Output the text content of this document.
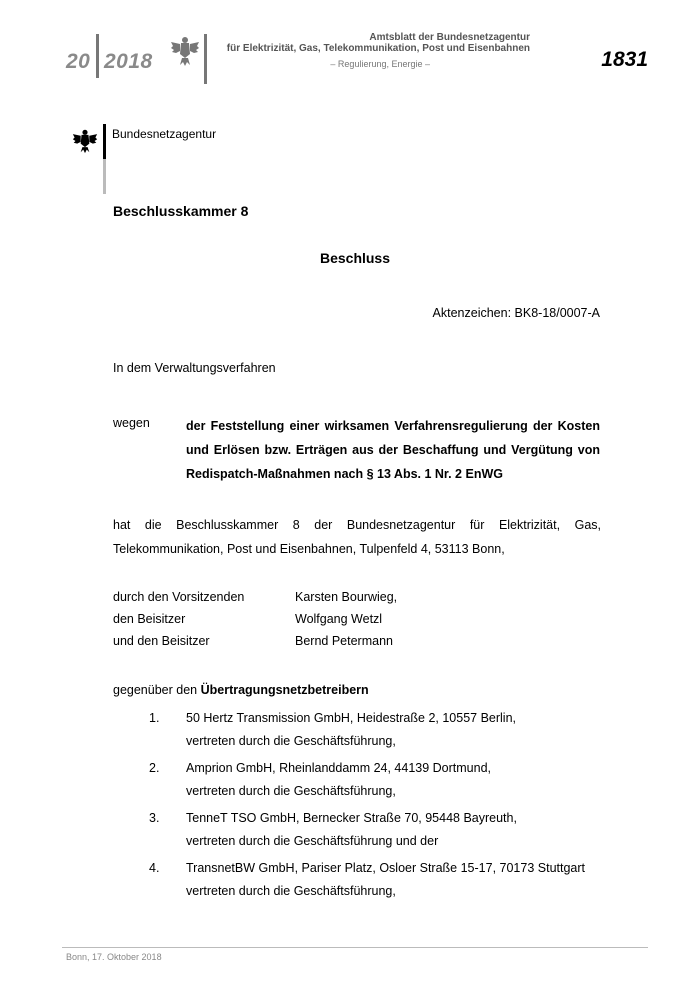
20 2018
Amtsblatt der Bundesnetzagentur
für Elektrizität, Gas, Telekommunikation, Post und Eisenbahnen
– Regulierung, Energie –	1831
Bundesnetzagentur
Beschlusskammer 8
Beschluss
Aktenzeichen: BK8-18/0007-A
In dem Verwaltungsverfahren
wegen	der Feststellung einer wirksamen Verfahrensregulierung der Kosten und Erlösen bzw. Erträgen aus der Beschaffung und Vergütung von Redispatch-Maßnahmen nach § 13 Abs. 1 Nr. 2 EnWG
hat die Beschlusskammer 8 der Bundesnetzagentur für Elektrizität, Gas, Telekommunikation, Post und Eisenbahnen, Tulpenfeld 4, 53113 Bonn,
durch den Vorsitzenden	Karsten Bourwieg,
den Beisitzer	Wolfgang Wetzl
und den Beisitzer	Bernd Petermann
gegenüber den Übertragungsnetzbetreibern
1. 50 Hertz Transmission GmbH, Heidestraße 2, 10557 Berlin,
vertreten durch die Geschäftsführung,
2. Amprion GmbH, Rheinlanddamm 24, 44139 Dortmund,
vertreten durch die Geschäftsführung,
3. TenneT TSO GmbH, Bernecker Straße 70, 95448 Bayreuth,
vertreten durch die Geschäftsführung und der
4. TransnetBW GmbH, Pariser Platz, Osloer Straße 15-17, 70173 Stuttgart
vertreten durch die Geschäftsführung,
Bonn, 17. Oktober 2018
